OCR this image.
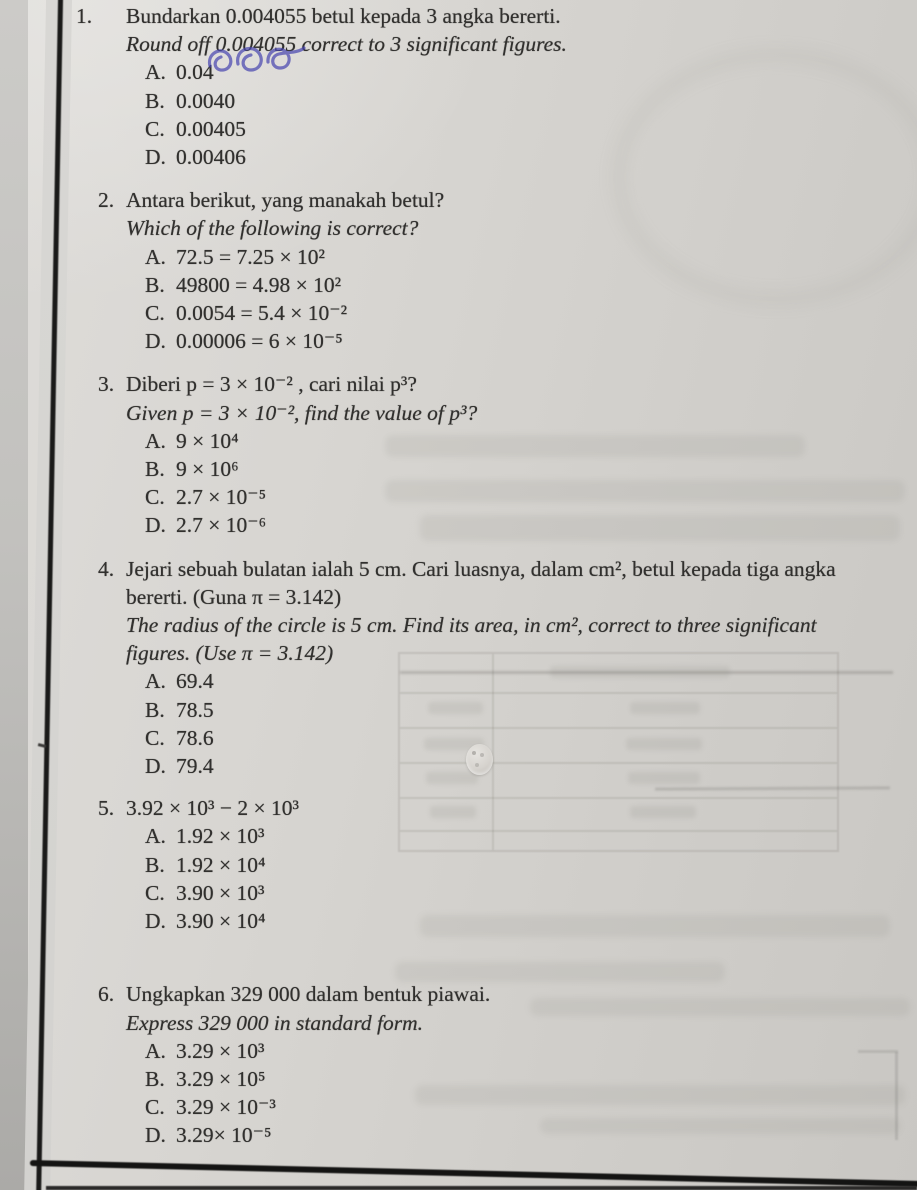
1.	Bundarkan 0.004055 betul kepada 3 angka bererti.
Round off 0.004055 correct to 3 significant figures.
A. 0.04
B. 0.0040
C. 0.00405
D. 0.00406
2. Antara berikut, yang manakah betul?
Which of the following is correct?
A. 72.5 = 7.25 × 10²
B. 49800 = 4.98 × 10²
C. 0.0054 = 5.4 × 10⁻²
D. 0.00006 = 6 × 10⁻⁵
3. Diberi p = 3 × 10⁻² , cari nilai p³?
Given p = 3 × 10⁻², find the value of p³?
A. 9 × 10⁴
B. 9 × 10⁶
C. 2.7 × 10⁻⁵
D. 2.7 × 10⁻⁶
4. Jejari sebuah bulatan ialah 5 cm. Cari luasnya, dalam cm², betul kepada tiga angka
bererti. (Guna π = 3.142)
The radius of the circle is 5 cm. Find its area, in cm², correct to three significant
figures. (Use π = 3.142)
A. 69.4
B. 78.5
C. 78.6
D. 79.4
5. 3.92 × 10³ − 2 × 10³
A. 1.92 × 10³
B. 1.92 × 10⁴
C. 3.90 × 10³
D. 3.90 × 10⁴
6. Ungkapkan 329 000 dalam bentuk piawai.
Express 329 000 in standard form.
A. 3.29 × 10³
B. 3.29 × 10⁵
C. 3.29 × 10⁻³
D. 3.29× 10⁻⁵
